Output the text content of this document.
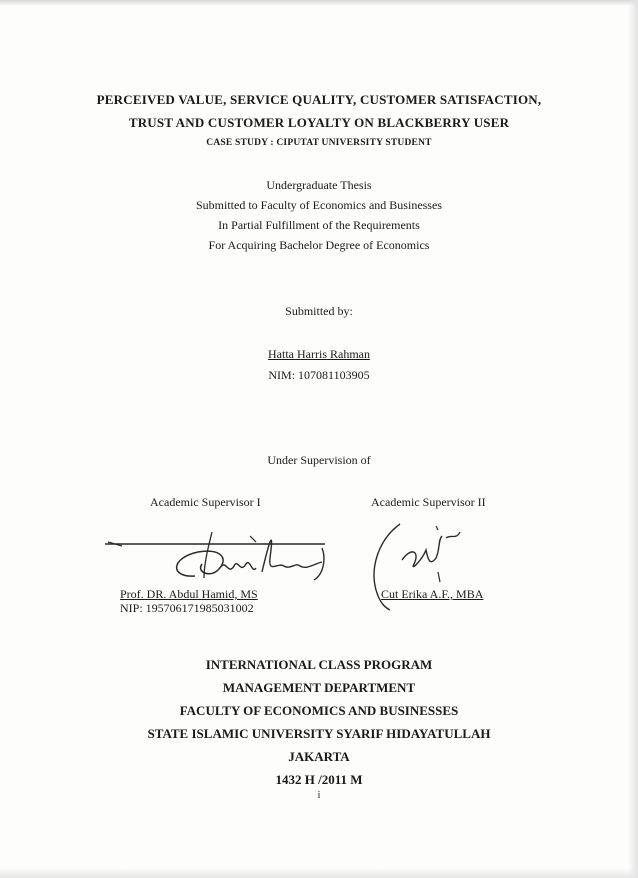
PERCEIVED VALUE, SERVICE QUALITY, CUSTOMER SATISFACTION,
TRUST AND CUSTOMER LOYALTY ON BLACKBERRY USER
CASE STUDY : CIPUTAT UNIVERSITY STUDENT
Undergraduate Thesis
Submitted to Faculty of Economics and Businesses
In Partial Fulfillment of the Requirements
For Acquiring Bachelor Degree of Economics
Submitted by:
Hatta Harris Rahman
NIM: 107081103905
Under Supervision of
Academic Supervisor I	Academic Supervisor II
Prof. DR. Abdul Hamid, MS
NIP: 195706171985031002
Cut Erika A.F., MBA
INTERNATIONAL CLASS PROGRAM
MANAGEMENT DEPARTMENT
FACULTY OF ECONOMICS AND BUSINESSES
STATE ISLAMIC UNIVERSITY SYARIF HIDAYATULLAH
JAKARTA
1432 H /2011 M
i
